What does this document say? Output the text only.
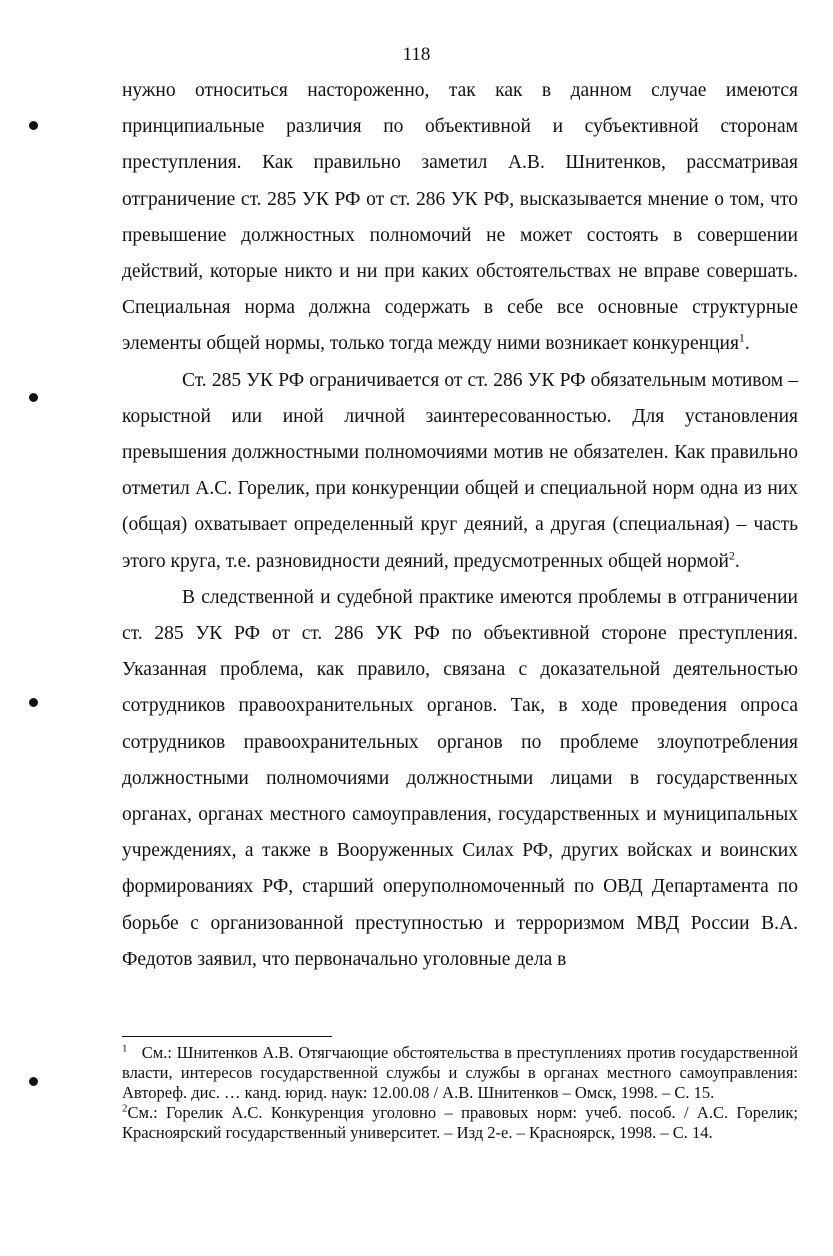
118

нужно относиться настороженно, так как в данном случае имеются принципиальные различия по объективной и субъективной сторонам преступления. Как правильно заметил А.В. Шнитенков, рассматривая отграничение ст. 285 УК РФ от ст. 286 УК РФ, высказывается мнение о том, что превышение должностных полномочий не может состоять в совершении действий, которые никто и ни при каких обстоятельствах не вправе совершать. Специальная норма должна содержать в себе все основные структурные элементы общей нормы, только тогда между ними возникает конкуренция$^1$.

Ст. 285 УК РФ ограничивается от ст. 286 УК РФ обязательным мотивом – корыстной или иной личной заинтересованностью. Для установления превышения должностными полномочиями мотив не обязателен. Как правильно отметил А.С. Горелик, при конкуренции общей и специальной норм одна из них (общая) охватывает определенный круг деяний, а другая (специальная) – часть этого круга, т.е. разновидности деяний, предусмотренных общей нормой$^2$.

В следственной и судебной практике имеются проблемы в отграничении ст. 285 УК РФ от ст. 286 УК РФ по объективной стороне преступления. Указанная проблема, как правило, связана с доказательной деятельностью сотрудников правоохранительных органов. Так, в ходе проведения опроса сотрудников правоохранительных органов по проблеме злоупотребления должностными полномочиями должностными лицами в государственных органах, органах местного самоуправления, государственных и муниципальных учреждениях, а также в Вооруженных Силах РФ, других войсках и воинских формированиях РФ, старший оперуполномоченный по ОВД Департамента по борьбе с организованной преступностью и терроризмом МВД России В.А. Федотов заявил, что первоначально уголовные дела в

$^1$ См.: Шнитенков А.В. Отягчающие обстоятельства в преступлениях против государственной власти, интересов государственной службы и службы в органах местного самоуправления: Автореф. дис. … канд. юрид. наук: 12.00.08 / А.В. Шнитенков – Омск, 1998. – С. 15.

$^2$См.: Горелик А.С. Конкуренция уголовно – правовых норм: учеб. пособ. / А.С. Горелик; Красноярский государственный университет. – Изд 2-е. – Красноярск, 1998. – С. 14.
